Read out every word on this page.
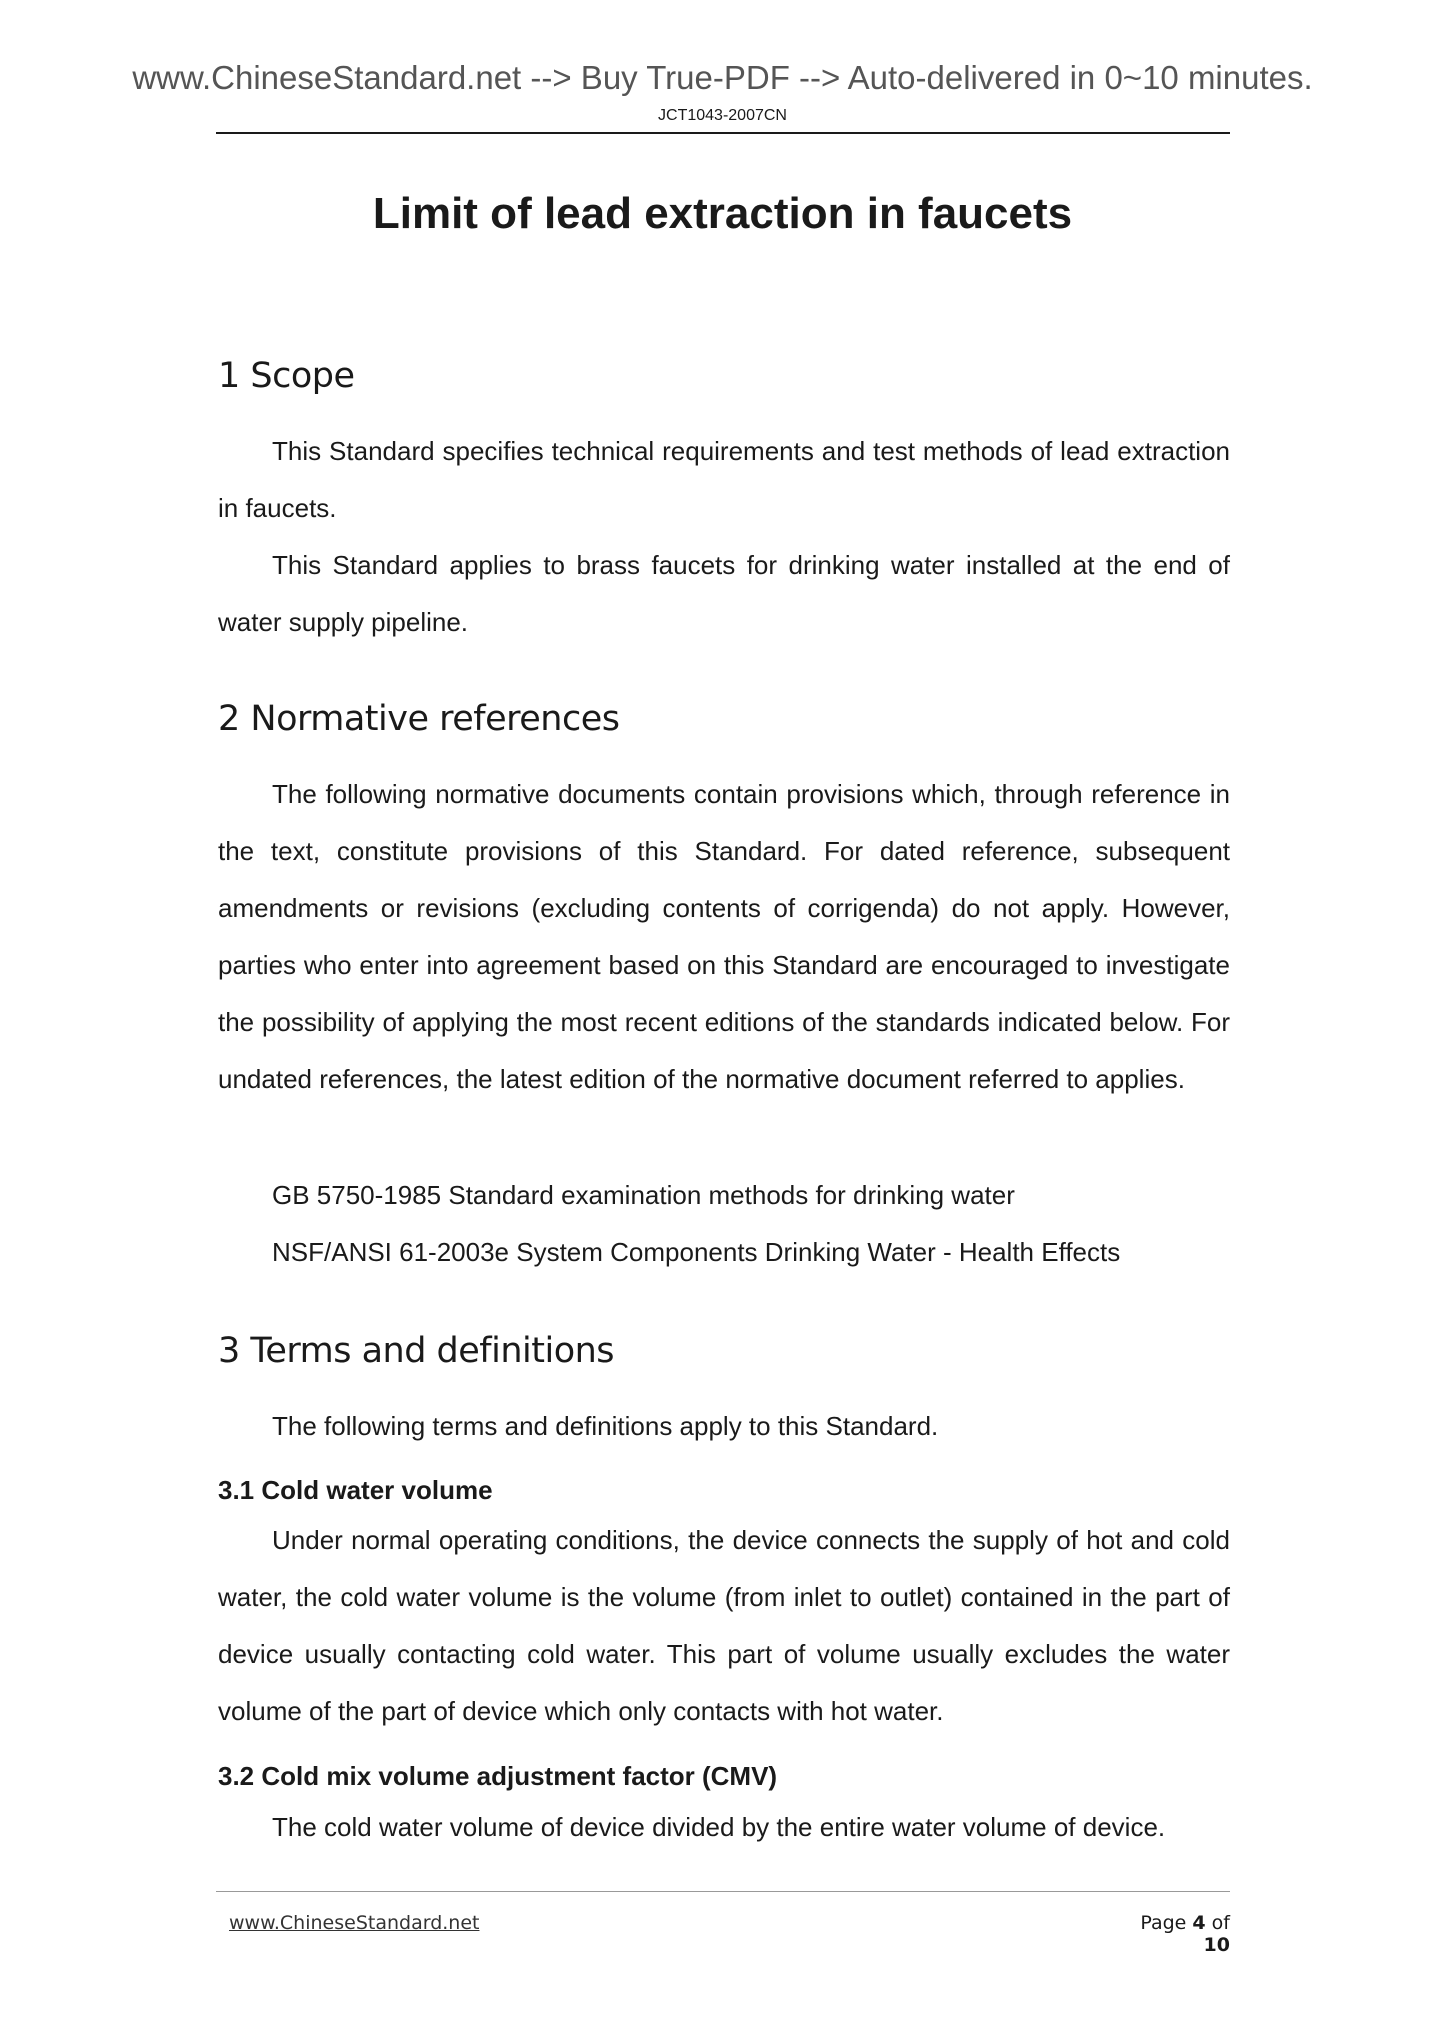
www.ChineseStandard.net --> Buy True-PDF --> Auto-delivered in 0~10 minutes.
JCT1043-2007CN
Limit of lead extraction in faucets
1 Scope
This Standard specifies technical requirements and test methods of lead extraction in faucets.
This Standard applies to brass faucets for drinking water installed at the end of water supply pipeline.
2 Normative references
The following normative documents contain provisions which, through reference in the text, constitute provisions of this Standard. For dated reference, subsequent amendments or revisions (excluding contents of corrigenda) do not apply. However, parties who enter into agreement based on this Standard are encouraged to investigate the possibility of applying the most recent editions of the standards indicated below. For undated references, the latest edition of the normative document referred to applies.
GB 5750-1985 Standard examination methods for drinking water
NSF/ANSI 61-2003e System Components Drinking Water - Health Effects
3 Terms and definitions
The following terms and definitions apply to this Standard.
3.1 Cold water volume
Under normal operating conditions, the device connects the supply of hot and cold water, the cold water volume is the volume (from inlet to outlet) contained in the part of device usually contacting cold water. This part of volume usually excludes the water volume of the part of device which only contacts with hot water.
3.2 Cold mix volume adjustment factor (CMV)
The cold water volume of device divided by the entire water volume of device.
www.ChineseStandard.net	Page 4 of 10
